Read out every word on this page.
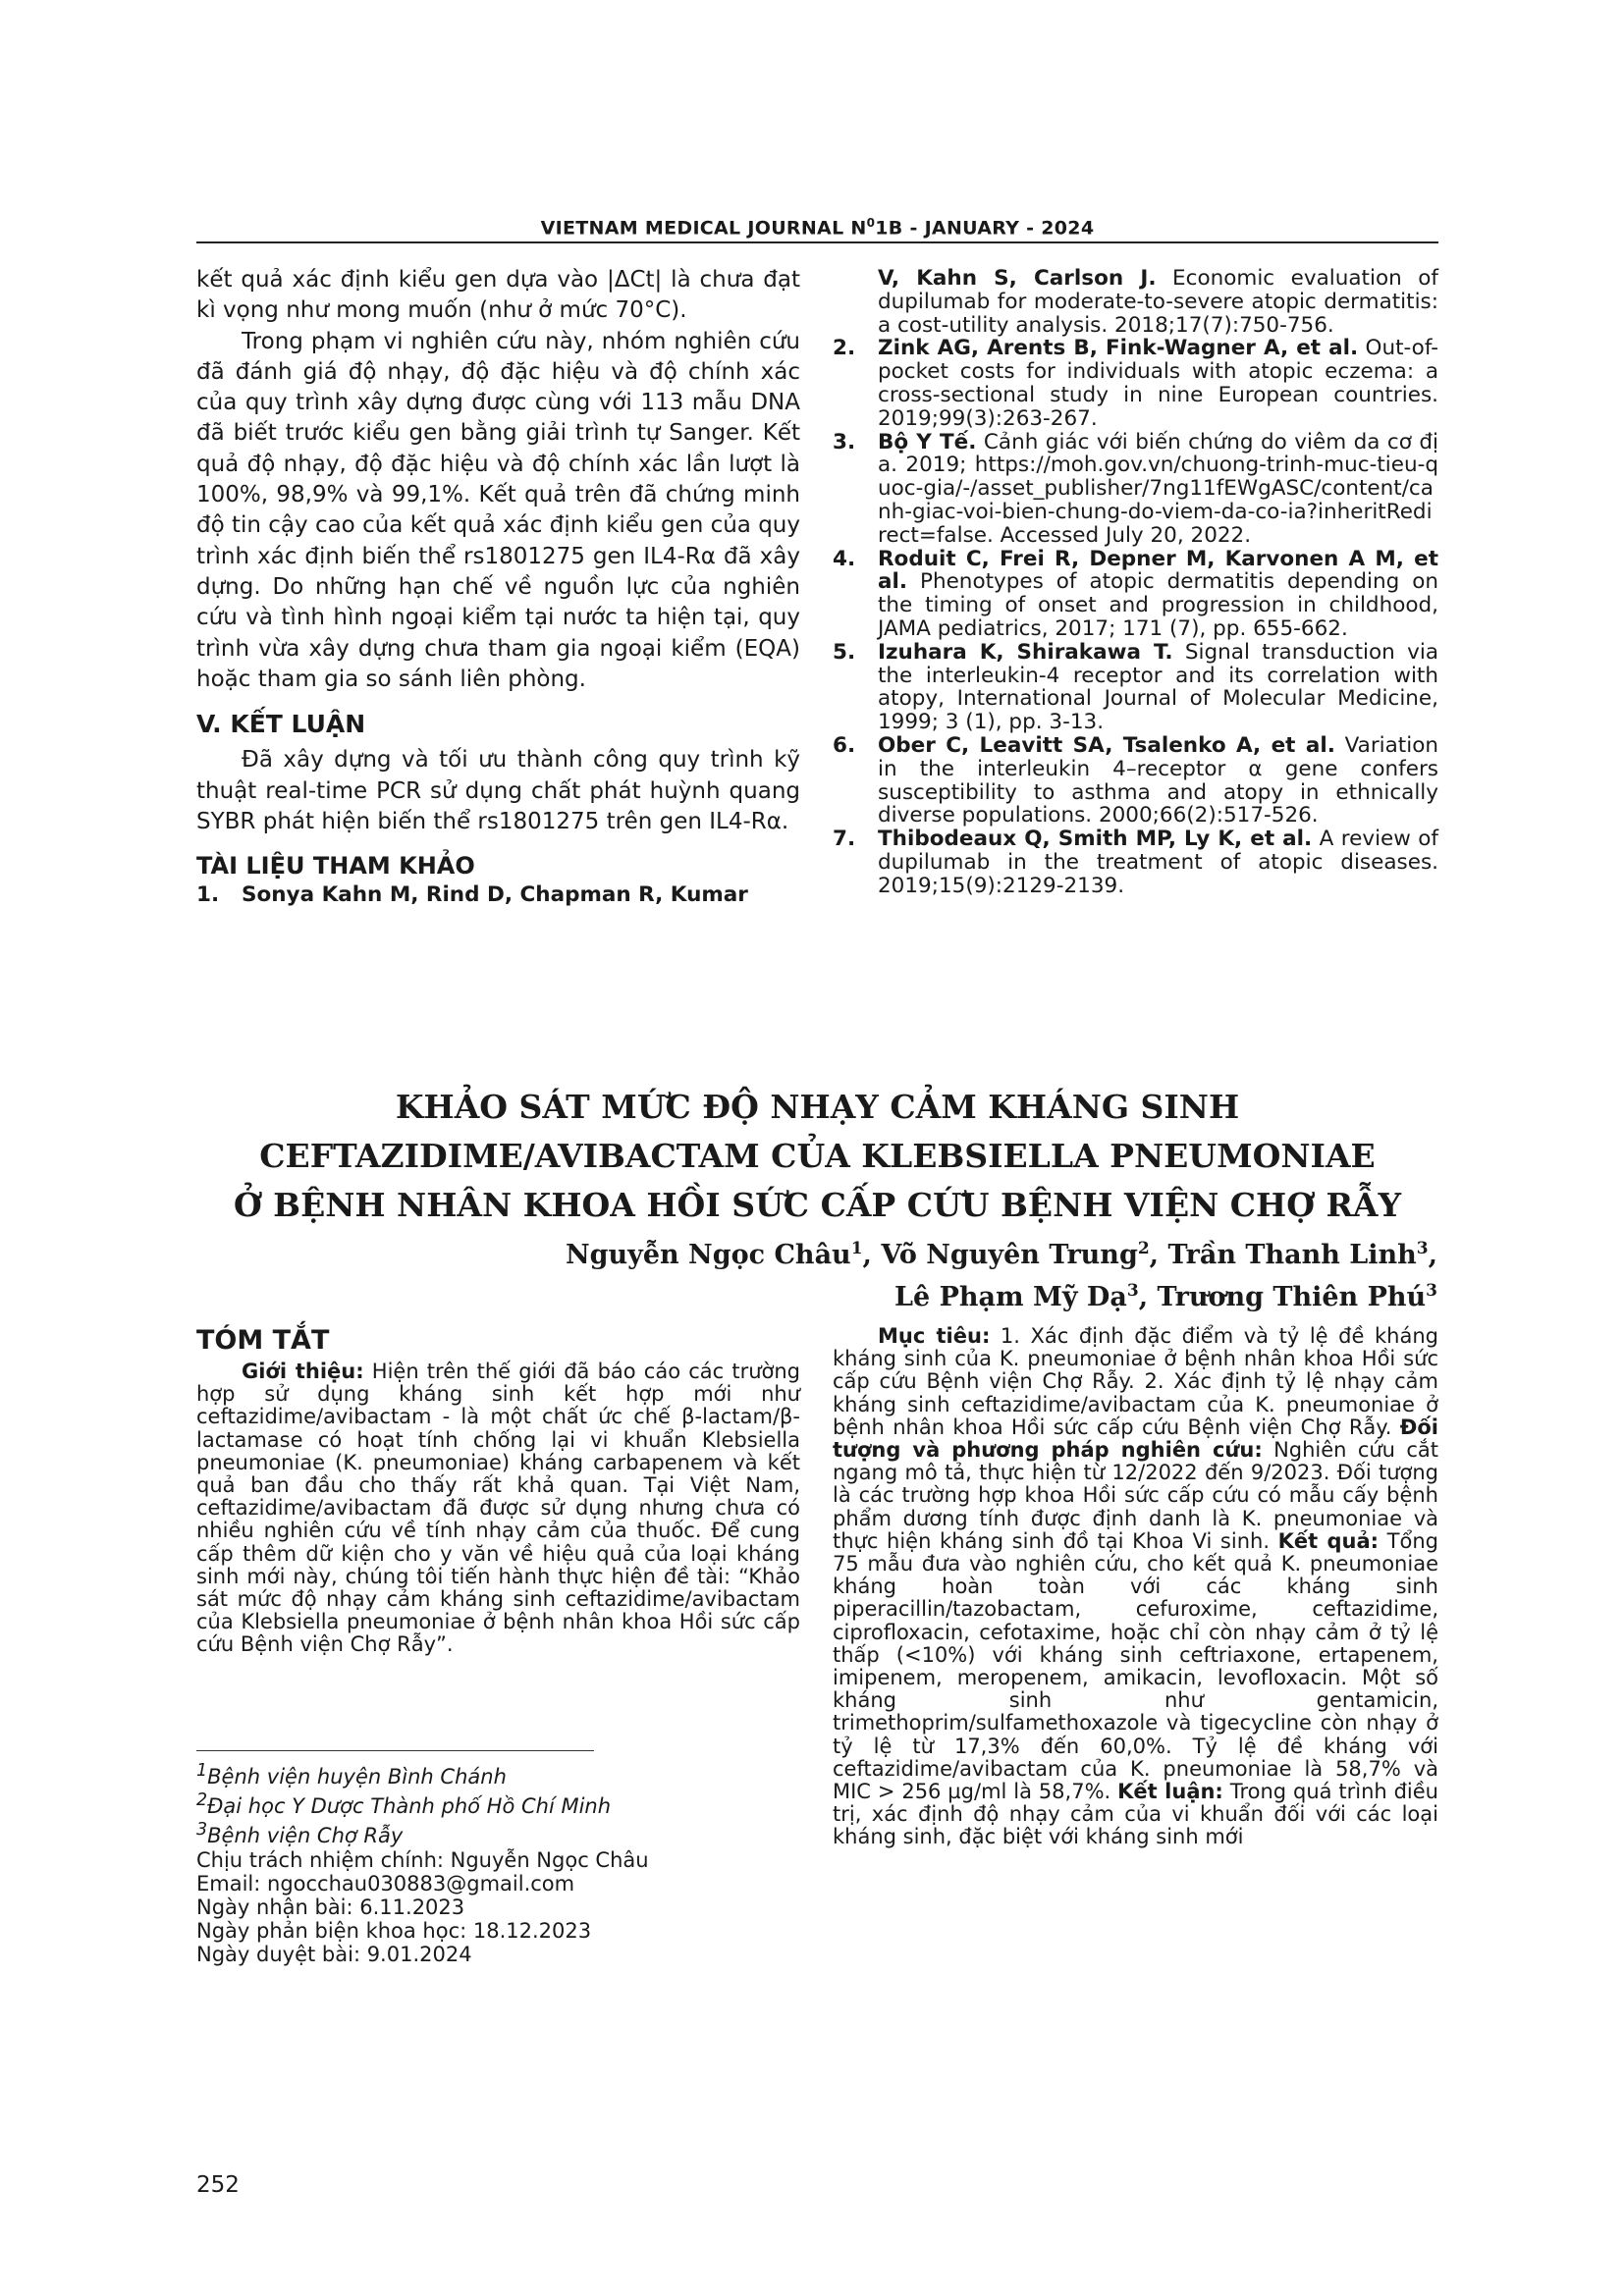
VIETNAM MEDICAL JOURNAL $N^01B$ - JANUARY - 2024

kết quả xác định kiểu gen dựa vào |ΔCt| là chưa đạt kì vọng như mong muốn (như ở mức 70°C).

Trong phạm vi nghiên cứu này, nhóm nghiên cứu đã đánh giá độ nhạy, độ đặc hiệu và độ chính xác của quy trình xây dựng được cùng với 113 mẫu DNA đã biết trước kiểu gen bằng giải trình tự Sanger. Kết quả độ nhạy, độ đặc hiệu và độ chính xác lần lượt là 100%, 98,9% và 99,1%. Kết quả trên đã chứng minh độ tin cậy cao của kết quả xác định kiểu gen của quy trình xác định biến thể rs1801275 gen IL4-Rα đã xây dựng. Do những hạn chế về nguồn lực của nghiên cứu và tình hình ngoại kiểm tại nước ta hiện tại, quy trình vừa xây dựng chưa tham gia ngoại kiểm (EQA) hoặc tham gia so sánh liên phòng.

V. KẾT LUẬN

Đã xây dựng và tối ưu thành công quy trình kỹ thuật real-time PCR sử dụng chất phát huỳnh quang SYBR phát hiện biến thể rs1801275 trên gen IL4-Rα.

TÀI LIỆU THAM KHẢO

1.	Sonya Kahn M, Rind D, Chapman R, Kumar
V, Kahn S, Carlson J. Economic evaluation of dupilumab for moderate-to-severe atopic dermatitis: a cost-utility analysis. 2018;17(7):750-756.
2.	Zink AG, Arents B, Fink-Wagner A, et al. Out-of-pocket costs for individuals with atopic eczema: a cross-sectional study in nine European countries. 2019;99(3):263-267.
3.	Bộ Y Tế. Cảnh giác với biến chứng do viêm da cơ địa. 2019; https://moh.gov.vn/chuong-trinh-muc-tieu-quoc-gia/-/asset_publisher/7ng11fEWgASC/content/canh-giac-voi-bien-chung-do-viem-da-co-ia?inheritRedirect=false. Accessed July 20, 2022.
4.	Roduit C, Frei R, Depner M, Karvonen A M, et al. Phenotypes of atopic dermatitis depending on the timing of onset and progression in childhood, JAMA pediatrics, 2017; 171 (7), pp. 655-662.
5.	Izuhara K, Shirakawa T. Signal transduction via the interleukin-4 receptor and its correlation with atopy, International Journal of Molecular Medicine, 1999; 3 (1), pp. 3-13.
6.	Ober C, Leavitt SA, Tsalenko A, et al. Variation in the interleukin 4–receptor α gene confers susceptibility to asthma and atopy in ethnically diverse populations. 2000;66(2):517-526.
7.	Thibodeaux Q, Smith MP, Ly K, et al. A review of dupilumab in the treatment of atopic diseases. 2019;15(9):2129-2139.
KHẢO SÁT MỨC ĐỘ NHẠY CẢM KHÁNG SINH
CEFTAZIDIME/AVIBACTAM CỦA KLEBSIELLA PNEUMONIAE
Ở BỆNH NHÂN KHOA HỒI SỨC CẤP CỨU BỆNH VIỆN CHỢ RẪY
Nguyễn Ngọc Châu$^1$, Võ Nguyên Trung$^2$, Trần Thanh Linh$^3$,
Lê Phạm Mỹ Dạ$^3$, Trương Thiên Phú$^3$
TÓM TẮT
Giới thiệu: Hiện trên thế giới đã báo cáo các trường hợp sử dụng kháng sinh kết hợp mới như ceftazidime/avibactam - là một chất ức chế β-lactam/β-lactamase có hoạt tính chống lại vi khuẩn Klebsiella pneumoniae (K. pneumoniae) kháng carbapenem và kết quả ban đầu cho thấy rất khả quan. Tại Việt Nam, ceftazidime/avibactam đã được sử dụng nhưng chưa có nhiều nghiên cứu về tính nhạy cảm của thuốc. Để cung cấp thêm dữ kiện cho y văn về hiệu quả của loại kháng sinh mới này, chúng tôi tiến hành thực hiện đề tài: “Khảo sát mức độ nhạy cảm kháng sinh ceftazidime/avibactam của Klebsiella pneumoniae ở bệnh nhân khoa Hồi sức cấp cứu Bệnh viện Chợ Rẫy”.
Mục tiêu: 1. Xác định đặc điểm và tỷ lệ đề kháng kháng sinh của K. pneumoniae ở bệnh nhân khoa Hồi sức cấp cứu Bệnh viện Chợ Rẫy. 2. Xác định tỷ lệ nhạy cảm kháng sinh ceftazidime/avibactam của K. pneumoniae ở bệnh nhân khoa Hồi sức cấp cứu Bệnh viện Chợ Rẫy. Đối tượng và phương pháp nghiên cứu: Nghiên cứu cắt ngang mô tả, thực hiện từ 12/2022 đến 9/2023. Đối tượng là các trường hợp khoa Hồi sức cấp cứu có mẫu cấy bệnh phẩm dương tính được định danh là K. pneumoniae và thực hiện kháng sinh đồ tại Khoa Vi sinh. Kết quả: Tổng 75 mẫu đưa vào nghiên cứu, cho kết quả K. pneumoniae kháng hoàn toàn với các kháng sinh piperacillin/tazobactam, cefuroxime, ceftazidime, ciprofloxacin, cefotaxime, hoặc chỉ còn nhạy cảm ở tỷ lệ thấp (<10%) với kháng sinh ceftriaxone, ertapenem, imipenem, meropenem, amikacin, levofloxacin. Một số kháng sinh như gentamicin, trimethoprim/sulfamethoxazole và tigecycline còn nhạy ở tỷ lệ từ 17,3% đến 60,0%. Tỷ lệ đề kháng với ceftazidime/avibactam của K. pneumoniae là 58,7% và MIC > 256 µg/ml là 58,7%. Kết luận: Trong quá trình điều trị, xác định độ nhạy cảm của vi khuẩn đối với các loại kháng sinh, đặc biệt với kháng sinh mới
$^1$Bệnh viện huyện Bình Chánh
$^2$Đại học Y Dược Thành phố Hồ Chí Minh
$^3$Bệnh viện Chợ Rẫy
Chịu trách nhiệm chính: Nguyễn Ngọc Châu
Email: ngocchau030883@gmail.com
Ngày nhận bài: 6.11.2023
Ngày phản biện khoa học: 18.12.2023
Ngày duyệt bài: 9.01.2024
252
